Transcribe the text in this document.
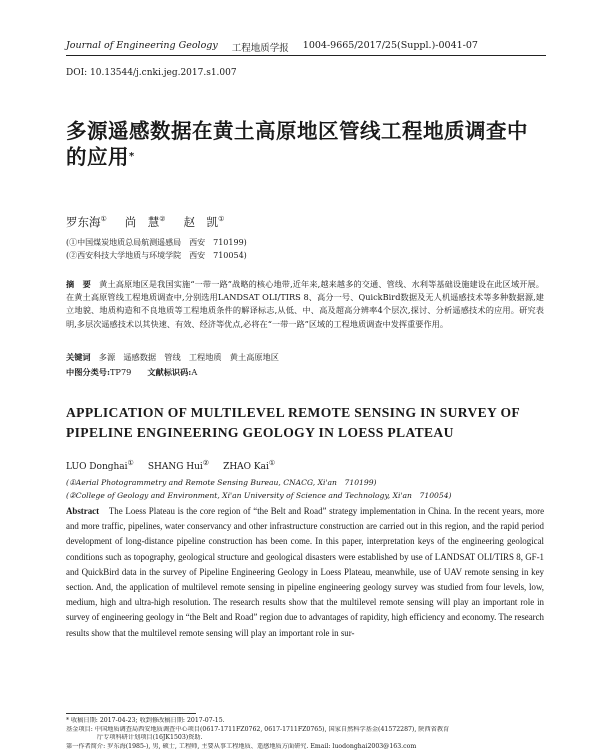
Journal of Engineering Geology 工程地质学报 1004-9665/2017/25(Suppl.)-0041-07
DOI: 10.13544/j.cnki.jeg.2017.s1.007
多源遥感数据在黄土高原地区管线工程地质调查中的应用*
罗东海① 尚　慧② 赵　凯①
(①中国煤炭地质总局航测遥感局　西安　710199)
(②西安科技大学地质与环境学院　西安　710054)
摘　要　 黄土高原地区是我国实施“一带一路”战略的核心地带,近年来,越来越多的交通、管线、水利等基础设施建设在此区域开展。在黄土高原管线工程地质调查中,分别选用LANDSAT OLI/TIRS 8、高分一号、QuickBird数据及无人机遥感技术等多种数据源,建立地貌、地质构造和不良地质等工程地质条件的解译标志,从低、中、高及超高分辨率4个层次,探讨、分析遥感技术的应用。研究表明,多层次遥感技术以其快速、有效、经济等优点,必将在“一带一路”区域的工程地质调查中发挥重要作用。
关键词　 多源　遥感数据　管线　工程地质　黄土高原地区
中图分类号:TP79 文献标识码:A
APPLICATION OF MULTILEVEL REMOTE SENSING IN SURVEY OF PIPELINE ENGINEERING GEOLOGY IN LOESS PLATEAU
LUO Donghai① SHANG Hui② ZHAO Kai①
(①Aerial Photogrammetry and Remote Sensing Bureau, CNACG, Xi'an　710199)
(②College of Geology and Environment, Xi'an University of Science and Technology, Xi'an　710054)
Abstract　 The Loess Plateau is the core region of “the Belt and Road” strategy implementation in China. In the recent years, more and more traffic, pipelines, water conservancy and other infrastructure construction are carried out in this region, and the rapid period development of long-distance pipeline construction has been come. In this paper, interpretation keys of the engineering geological conditions such as topography, geological structure and geological disasters were established by use of LANDSAT OLI/TIRS 8, GF-1 and QuickBird data in the survey of Pipeline Engineering Geology in Loess Plateau, meanwhile, use of UAV remote sensing in key section. And, the application of multilevel remote sensing in pipeline engineering geology survey was studied from four levels, low, medium, high and ultra-high resolution. The research results show that the multilevel remote sensing will play an important role in survey of engineering geology in “the Belt and Road” region due to advantages of rapidity, high efficiency and economy. The research results show that the multilevel remote sensing will play an important role in sur-
* 收稿日期: 2017-04-23; 收到修改稿日期: 2017-07-15.
基金项目: 中国地质调查局西安地质调查中心项目(0617-1711FZ0762, 0617-1711FZ0765), 国家自然科学基金(41572287), 陕西省教育
　　　　　厅专项科研计划项目(16JK1503)资助.
第一作者简介: 罗东海(1985-), 男, 硕士, 工程师, 主要从事工程地质、遥感地质方面研究. Email: luodonghai2003@163.com
